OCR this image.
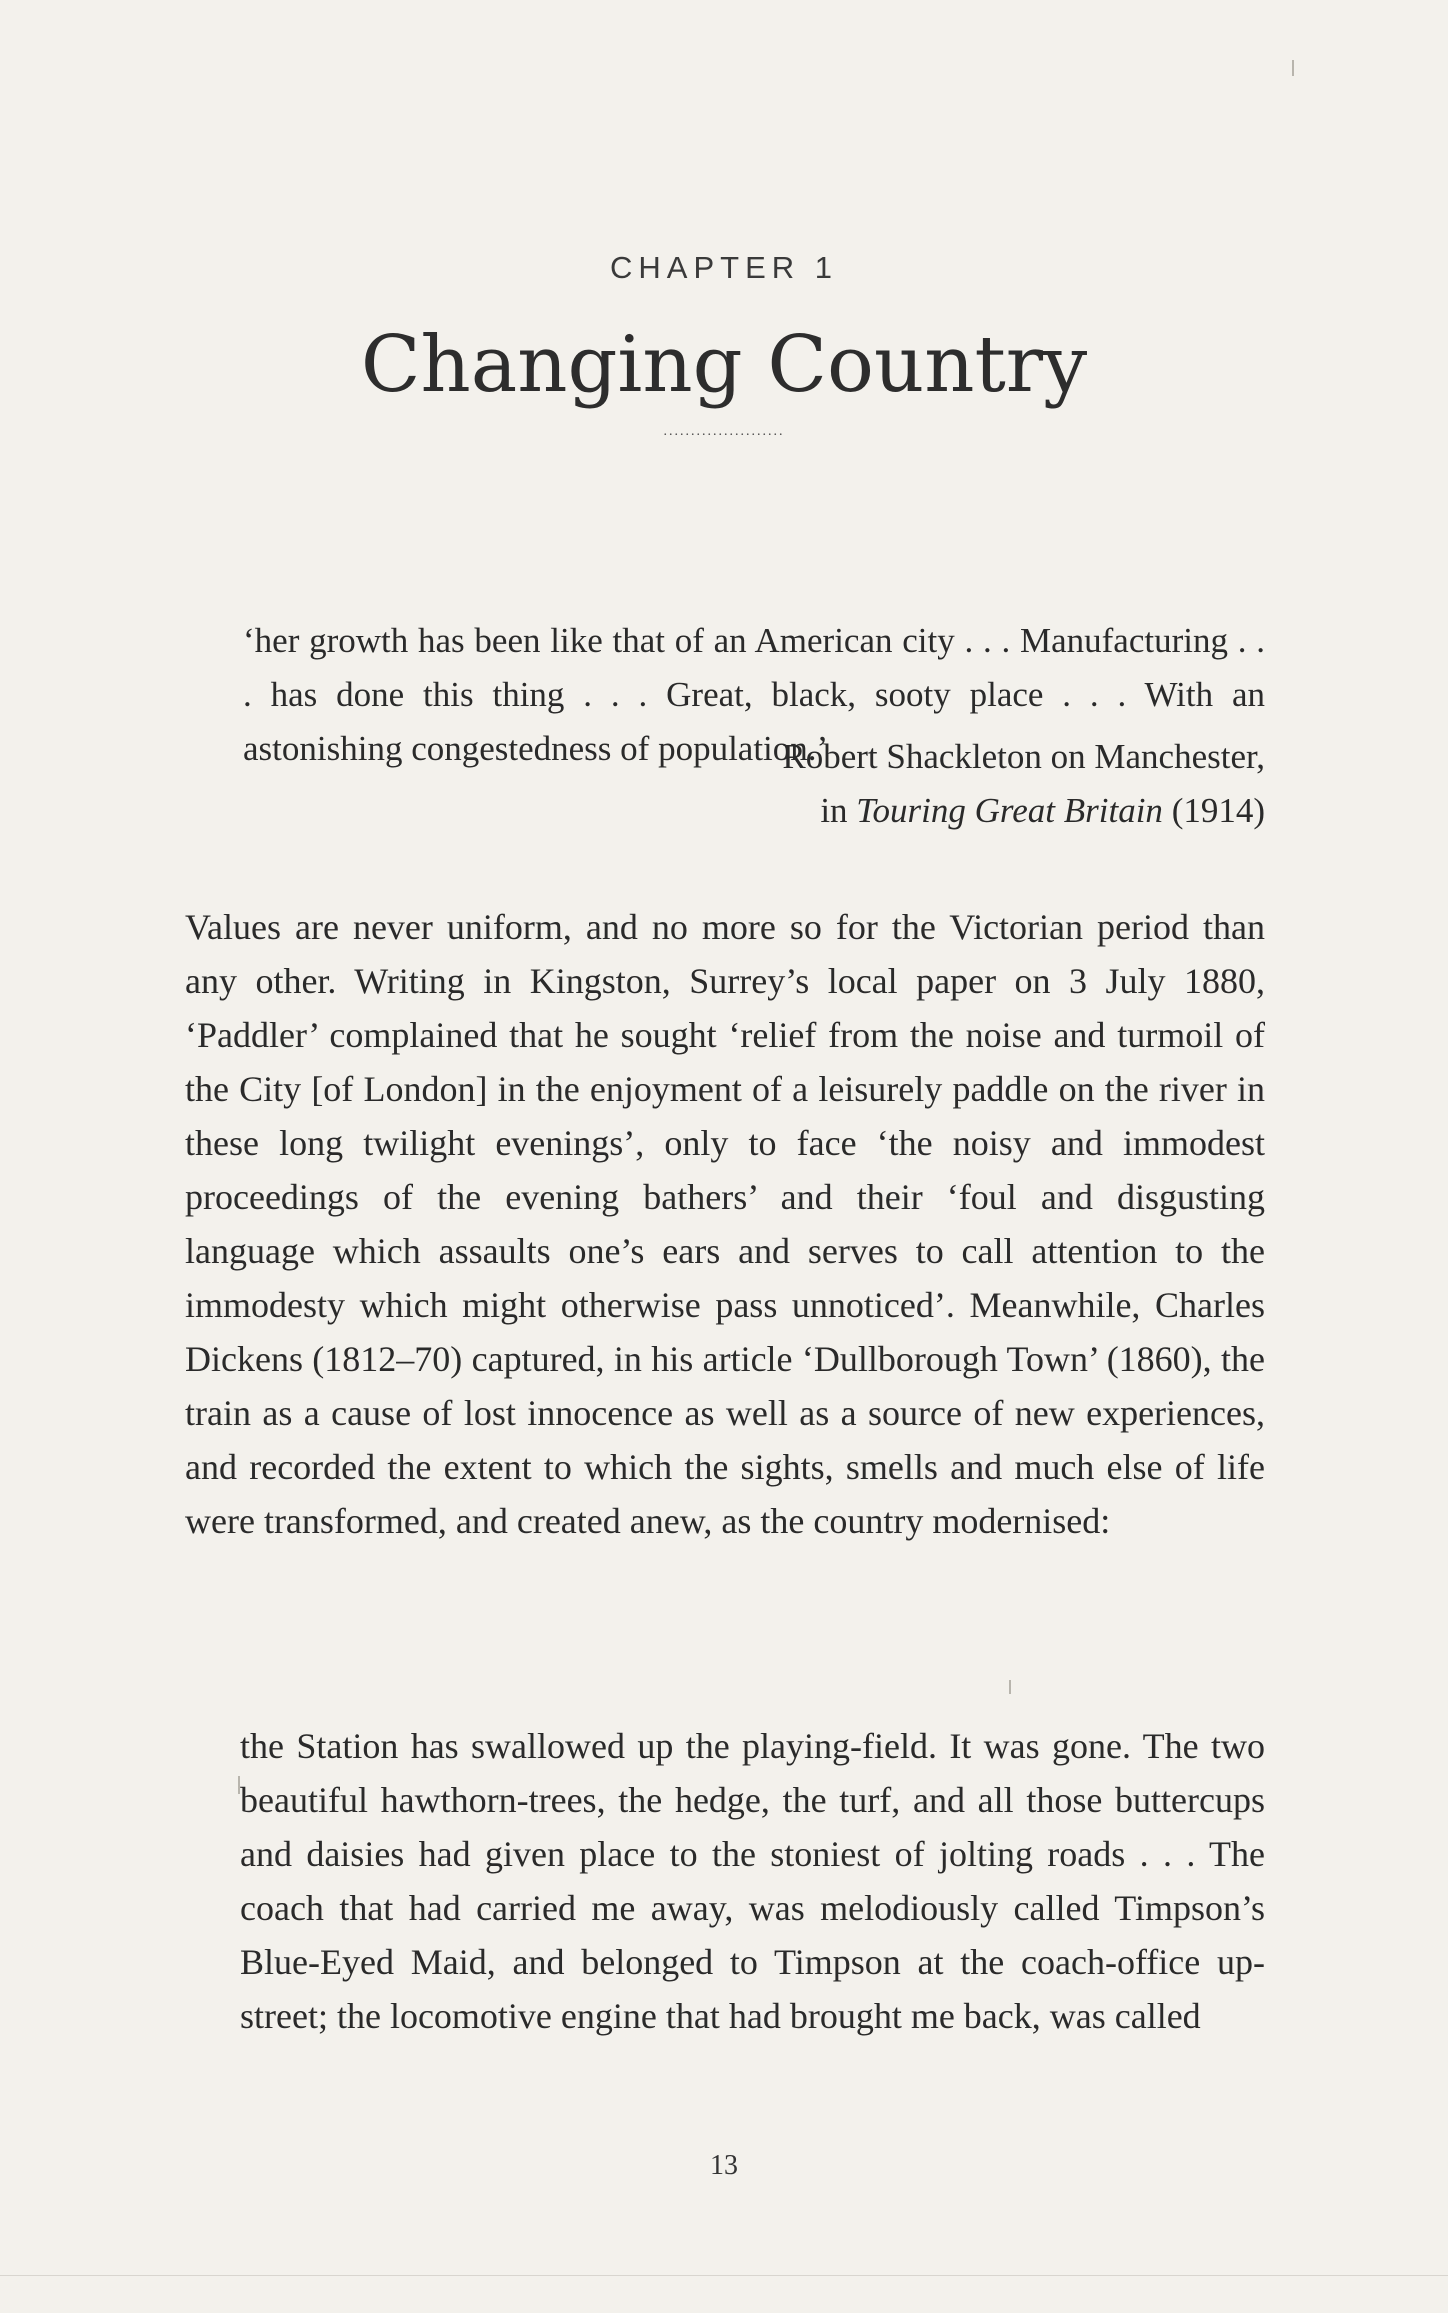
CHAPTER 1
Changing Country
......................

‘her growth has been like that of an American city . . . Manufacturing . . . has done this thing . . . Great, black, sooty place . . . With an astonishing congestedness of population.’

Robert Shackleton on Manchester,
in Touring Great Britain (1914)

Values are never uniform, and no more so for the Victorian period than any other. Writing in Kingston, Surrey’s local paper on 3 July 1880, ‘Paddler’ complained that he sought ‘relief from the noise and turmoil of the City [of London] in the enjoyment of a leisurely paddle on the river in these long twilight evenings’, only to face ‘the noisy and immodest proceedings of the evening bathers’ and their ‘foul and disgusting language which assaults one’s ears and serves to call attention to the immodesty which might otherwise pass unnoticed’. Meanwhile, Charles Dickens (1812–70) captured, in his article ‘Dullborough Town’ (1860), the train as a cause of lost innocence as well as a source of new experiences, and recorded the extent to which the sights, smells and much else of life were transformed, and created anew, as the country modernised:

the Station has swallowed up the playing-field. It was gone. The two beautiful hawthorn-trees, the hedge, the turf, and all those buttercups and daisies had given place to the stoniest of jolting roads . . . The coach that had carried me away, was melodiously called Timpson’s Blue-Eyed Maid, and belonged to Timpson at the coach-office up-street; the locomotive engine that had brought me back, was called

13
